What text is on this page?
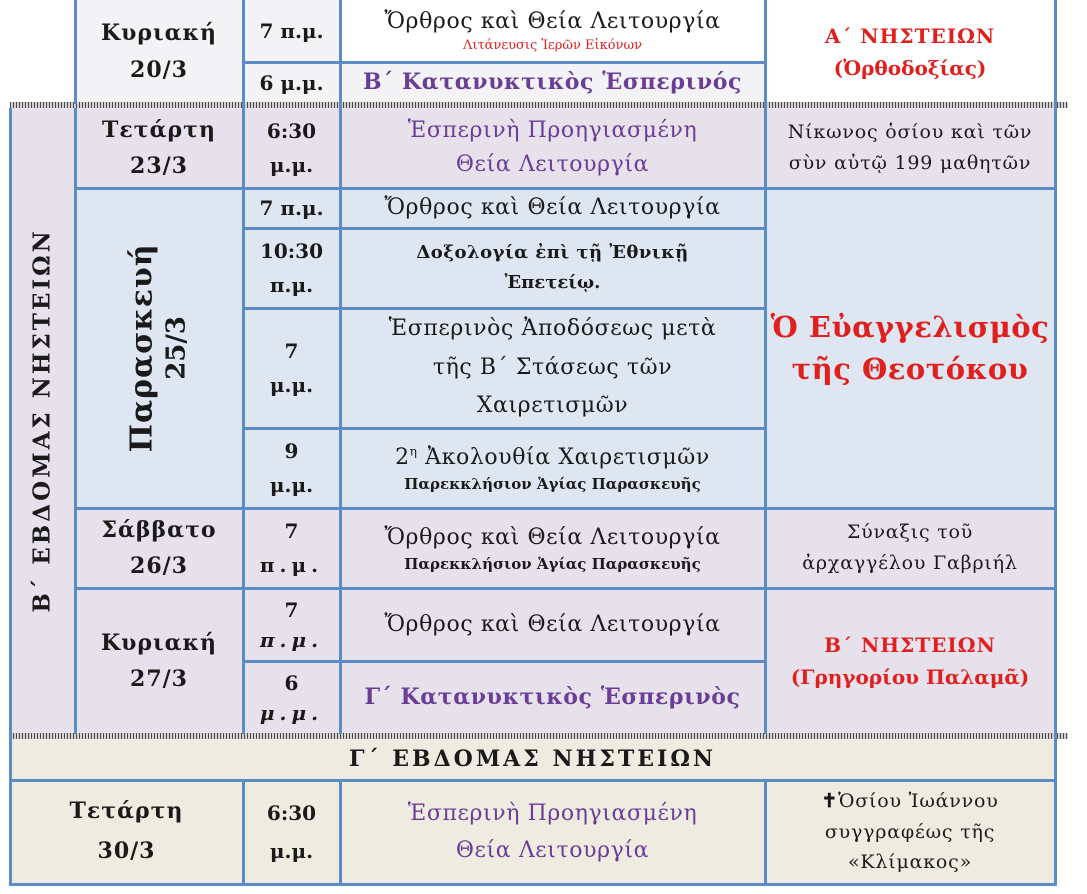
Κυριακή
20/3
7 π.μ.	Ὄρθρος καὶ Θεία Λειτουργία
Λιτάνευσις Ἱερῶν Εἰκόνων
6 μ.μ. Β΄ Κατανυκτικὸς Ἑσπερινός
Α΄ ΝΗΣΤΕΙΩΝ
(Ὀρθοδοξίας)
Β΄ ΕΒΔΟΜΑΣ ΝΗΣΤΕΙΩΝ
Τετάρτη
23/3
6:30
μ.μ.
Ἑσπερινὴ Προηγιασμένη
Θεία Λειτουργία
Νίκωνος ὁσίου καὶ τῶν
σὺν αὐτῷ 199 μαθητῶν
Παρασκευή 25/3
7 π.μ.	Ὄρθρος καὶ Θεία Λειτουργία
10:30
π.μ.
Δοξολογία ἐπὶ τῇ Ἐθνικῇ
Ἐπετείῳ.
7
μ.μ.
Ἑσπερινὸς Ἀποδόσεως μετὰ
τῆς Β΄ Στάσεως τῶν
Χαιρετισμῶν
9
μ.μ.
$2^\eta$ Ἀκολουθία Χαιρετισμῶν
Παρεκκλήσιον Ἁγίας Παρασκευῆς
Ὁ Εὐαγγελισμὸς
τῆς Θεοτόκου
Σάββατο
26/3
7
π.μ.
Ὄρθρος καὶ Θεία Λειτουργία
Παρεκκλήσιον Ἁγίας Παρασκευῆς
Σύναξις τοῦ
ἀρχαγγέλου Γαβριήλ
Κυριακή
27/3
7
π.μ.
Ὄρθρος καὶ Θεία Λειτουργία
6
μ.μ.
Γ΄ Κατανυκτικὸς Ἑσπερινὸς
Β΄ ΝΗΣΤΕΙΩΝ
(Γρηγορίου Παλαμᾶ)
Γ΄ ΕΒΔΟΜΑΣ ΝΗΣΤΕΙΩΝ
Τετάρτη
30/3
6:30
μ.μ.
Ἑσπερινὴ Προηγιασμένη
Θεία Λειτουργία
✝Ὁσίου Ἰωάννου
συγγραφέως τῆς
«Κλίμακος»
